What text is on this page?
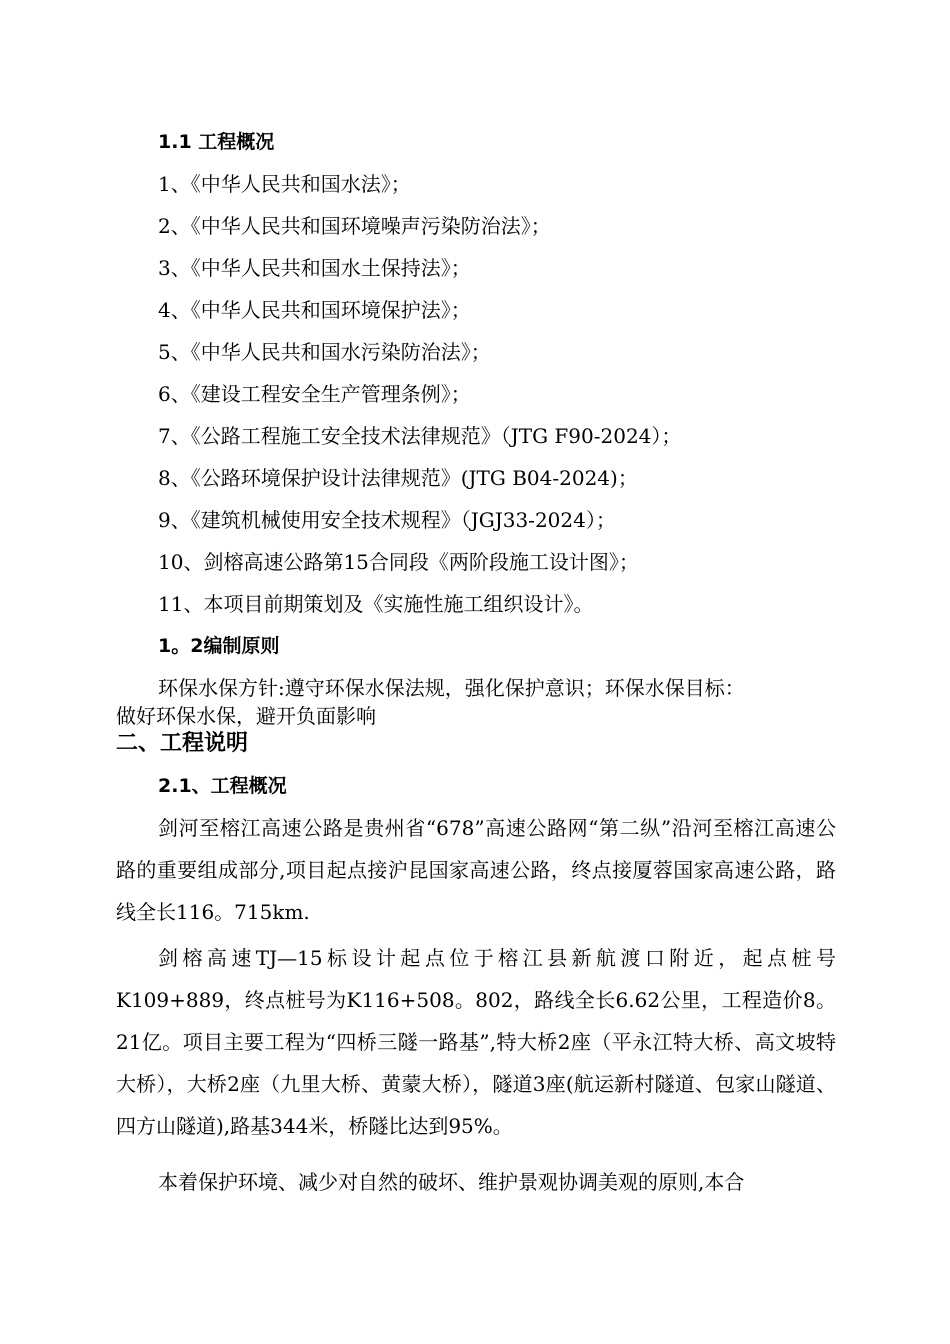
1.1 工程概况
1、《中华人民共和国水法》；
2、《中华人民共和国环境噪声污染防治法》；
3、《中华人民共和国水土保持法》；
4、《中华人民共和国环境保护法》；
5、《中华人民共和国水污染防治法》；
6、《建设工程安全生产管理条例》；
7、《公路工程施工安全技术法律规范》（JTG F90-2024）；
8、《公路环境保护设计法律规范》(JTG B04-2024)；
9、《建筑机械使用安全技术规程》（JGJ33-2024）；
10、剑榕高速公路第15合同段《两阶段施工设计图》；
11、本项目前期策划及《实施性施工组织设计》。
1。2编制原则
环保水保方针:遵守环保水保法规，强化保护意识；环保水保目标：
做好环保水保，避开负面影响
二、工程说明
2.1、工程概况

剑河至榕江高速公路是贵州省“678”高速公路网“第二纵”沿河至榕江高速公路的重要组成部分,项目起点接沪昆国家高速公路，终点接厦蓉国家高速公路，路线全长116。715km.

剑榕高速TJ—15标设计起点位于榕江县新航渡口附近，起点桩号K109+889，终点桩号为K116+508。802，路线全长6.62公里，工程造价8。21亿。项目主要工程为“四桥三隧一路基”,特大桥2座（平永江特大桥、高文坡特大桥），大桥2座（九里大桥、黄蒙大桥），隧道3座(航运新村隧道、包家山隧道、四方山隧道),路基344米，桥隧比达到95%。

本着保护环境、减少对自然的破坏、维护景观协调美观的原则,本合
